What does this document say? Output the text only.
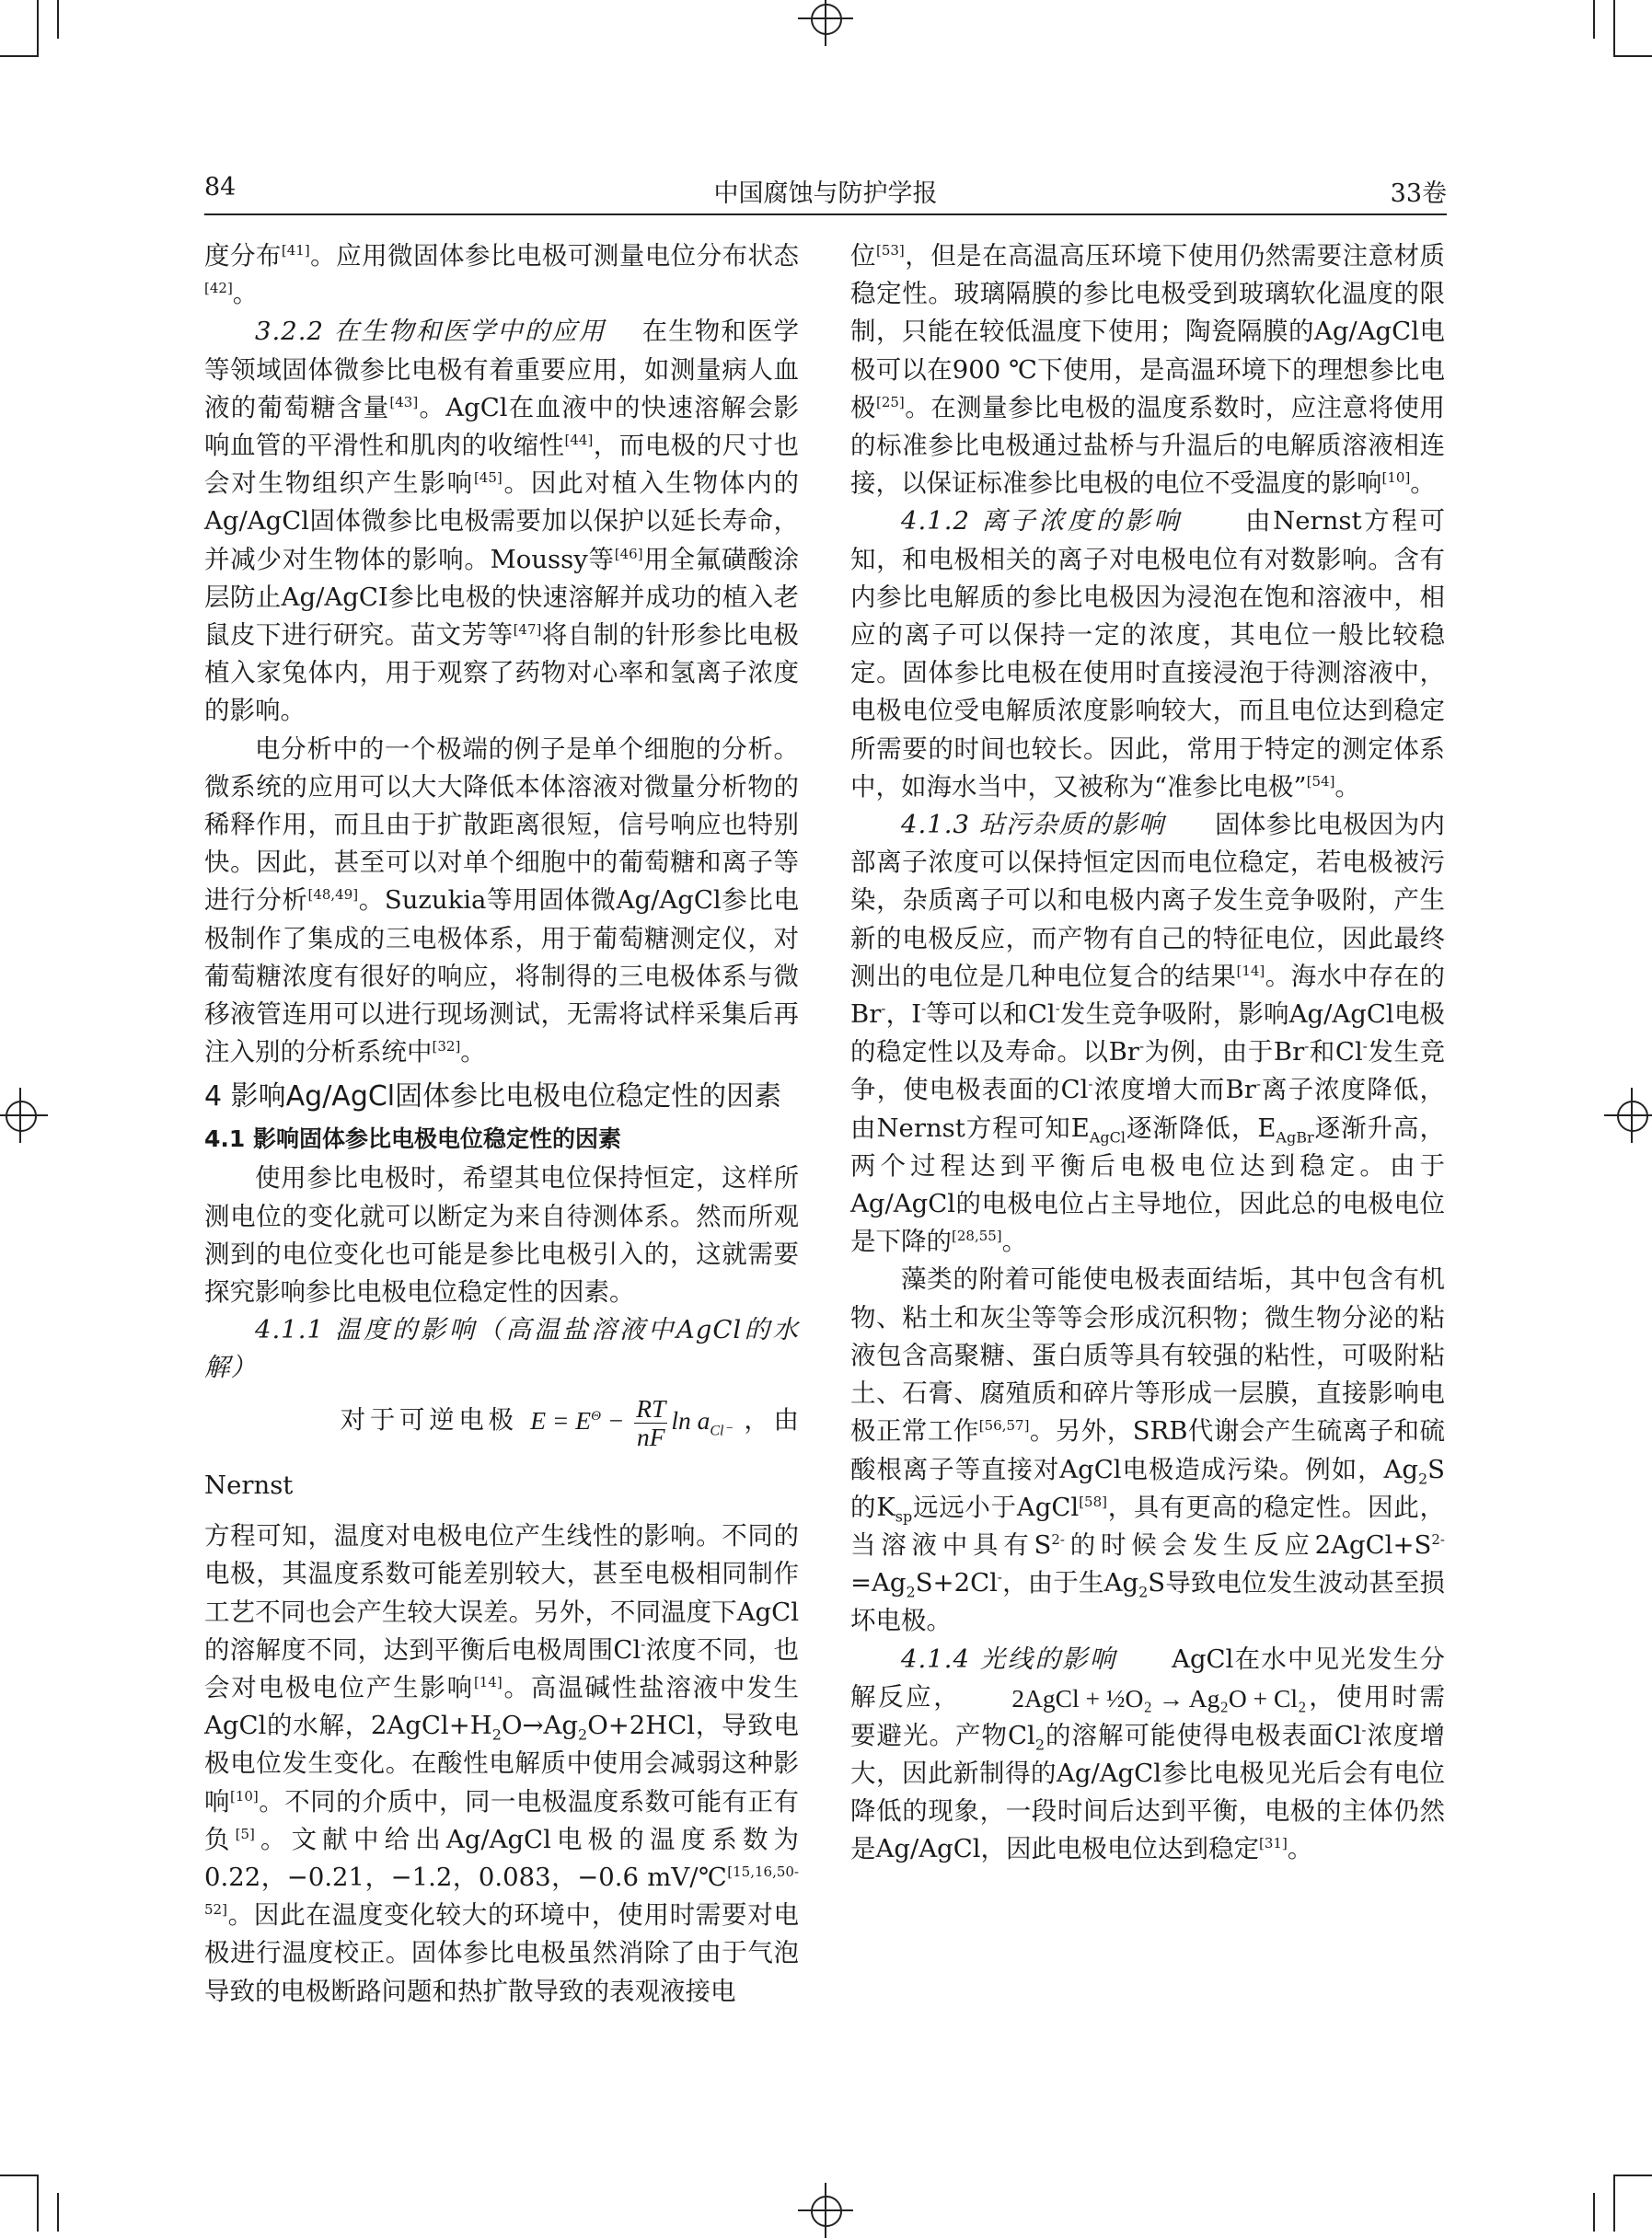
84	中国腐蚀与防护学报	33卷

度分布[41]。应用微固体参比电极可测量电位分布状态[42]。

3.2.2 在生物和医学中的应用 在生物和医学等领域固体微参比电极有着重要应用，如测量病人血液的葡萄糖含量[43]。AgCl在血液中的快速溶解会影响血管的平滑性和肌肉的收缩性[44]，而电极的尺寸也会对生物组织产生影响[45]。因此对植入生物体内的Ag/AgCl固体微参比电极需要加以保护以延长寿命，并减少对生物体的影响。Moussy等[46]用全氟磺酸涂层防止Ag/AgCI参比电极的快速溶解并成功的植入老鼠皮下进行研究。苗文芳等[47]将自制的针形参比电极植入家兔体内，用于观察了药物对心率和氢离子浓度的影响。

电分析中的一个极端的例子是单个细胞的分析。微系统的应用可以大大降低本体溶液对微量分析物的稀释作用，而且由于扩散距离很短，信号响应也特别快。因此，甚至可以对单个细胞中的葡萄糖和离子等进行分析[48,49]。Suzukia等用固体微Ag/AgCl参比电极制作了集成的三电极体系，用于葡萄糖测定仪，对葡萄糖浓度有很好的响应，将制得的三电极体系与微移液管连用可以进行现场测试，无需将试样采集后再注入别的分析系统中[32]。

4 影响Ag/AgCl固体参比电极电位稳定性的因素
4.1 影响固体参比电极电位稳定性的因素

使用参比电极时，希望其电位保持恒定，这样所测电位的变化就可以断定为来自待测体系。然而所观测到的电位变化也可能是参比电极引入的，这就需要探究影响参比电极电位稳定性的因素。

4.1.1 温度的影响（高温盐溶液中AgCl的水解）

对于可逆电极 $E = E^\Theta - \frac{RT}{nF}$ $\ln a_{Cl^-}$ ，由 Nernst

方程可知，温度对电极电位产生线性的影响。不同的电极，其温度系数可能差别较大，甚至电极相同制作工艺不同也会产生较大误差。另外，不同温度下AgCl的溶解度不同，达到平衡后电极周围Cl-浓度不同，也会对电极电位产生影响[14]。高温碱性盐溶液中发生AgCl的水解，$2AgCl+H_2O\to Ag_2O+2HCl$，导致电极电位发生变化。在酸性电解质中使用会减弱这种影响[10]。不同的介质中，同一电极温度系数可能有正有负[5]。文献中给出Ag/AgCl电极的温度系数为0.22，−0.21，−1.2，0.083，−0.6 mV/℃[15,16,50-52]。因此在温度变化较大的环境中，使用时需要对电极进行温度校正。固体参比电极虽然消除了由于气泡导致的电极断路问题和热扩散导致的表观液接电

位[53]，但是在高温高压环境下使用仍然需要注意材质稳定性。玻璃隔膜的参比电极受到玻璃软化温度的限制，只能在较低温度下使用；陶瓷隔膜的Ag/AgCl电极可以在900 ℃下使用，是高温环境下的理想参比电极[25]。在测量参比电极的温度系数时，应注意将使用的标准参比电极通过盐桥与升温后的电解质溶液相连接，以保证标准参比电极的电位不受温度的影响[10]。

4.1.2 离子浓度的影响 由Nernst方程可知，和电极相关的离子对电极电位有对数影响。含有内参比电解质的参比电极因为浸泡在饱和溶液中，相应的离子可以保持一定的浓度，其电位一般比较稳定。固体参比电极在使用时直接浸泡于待测溶液中，电极电位受电解质浓度影响较大，而且电位达到稳定所需要的时间也较长。因此，常用于特定的测定体系中，如海水当中，又被称为“准参比电极”[54]。

4.1.3 玷污杂质的影响 固体参比电极因为内部离子浓度可以保持恒定因而电位稳定，若电极被污染，杂质离子可以和电极内离子发生竞争吸附，产生新的电极反应，而产物有自己的特征电位，因此最终测出的电位是几种电位复合的结果[14]。海水中存在的Br-，I-等可以和Cl-发生竞争吸附，影响Ag/AgCl电极的稳定性以及寿命。以Br-为例，由于Br-和Cl-发生竞争，使电极表面的Cl-浓度增大而Br-离子浓度降低，由Nernst方程可知$E_{AgCl}$逐渐降低，$E_{AgBr}$逐渐升高，两个过程达到平衡后电极电位达到稳定。由于Ag/AgCl的电极电位占主导地位，因此总的电极电位是下降的[28,55]。

藻类的附着可能使电极表面结垢，其中包含有机物、粘土和灰尘等等会形成沉积物；微生物分泌的粘液包含高聚糖、蛋白质等具有较强的粘性，可吸附粘土、石膏、腐殖质和碎片等形成一层膜，直接影响电极正常工作[56,57]。另外，SRB代谢会产生硫离子和硫酸根离子等直接对AgCl电极造成污染。例如，$Ag_2S$的$K_{sp}$远远小于AgCl[58]，具有更高的稳定性。因此，当溶液中具有$S^{2-}$的时候会发生反应$2AgCl+S^{2-}=Ag_2S+2Cl^-$，由于生$Ag_2S$导致电位发生波动甚至损坏电极。

4.1.4 光线的影响 AgCl在水中见光发生分解反应， 2AgCl + ½O₂ → Ag₂O + Cl₂，使用时需要避光。产物$Cl_2$的溶解可能使得电极表面Cl-浓度增大，因此新制得的Ag/AgCl参比电极见光后会有电位降低的现象，一段时间后达到平衡，电极的主体仍然是Ag/AgCl，因此电极电位达到稳定[31]。
